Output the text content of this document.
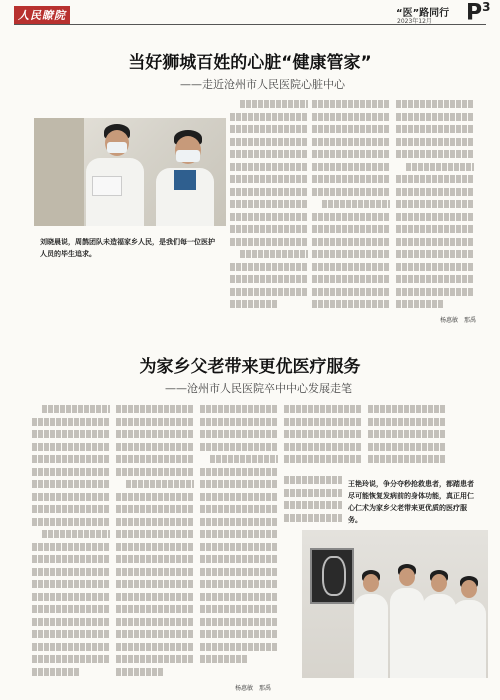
人民瞭院	“医”路同行
2023年12月 $P^3$
当好狮城百姓的心脏“健康管家”
——走近沧州市人民医院心脏中心
刘晓晨说，周鹊团队未造福家乡人民，是我们每一位医护人员的毕生追求。
杨惠敏　那禹
为家乡父老带来更优医疗服务
——沧州市人民医院卒中中心发展走笔
王艳玲说，争分夺秒抢救患者，都踏患者尽可能恢复发病前的身体功能，真正用仁心仁术为家乡父老带来更优质的医疗服务。
杨惠敏　那禹
